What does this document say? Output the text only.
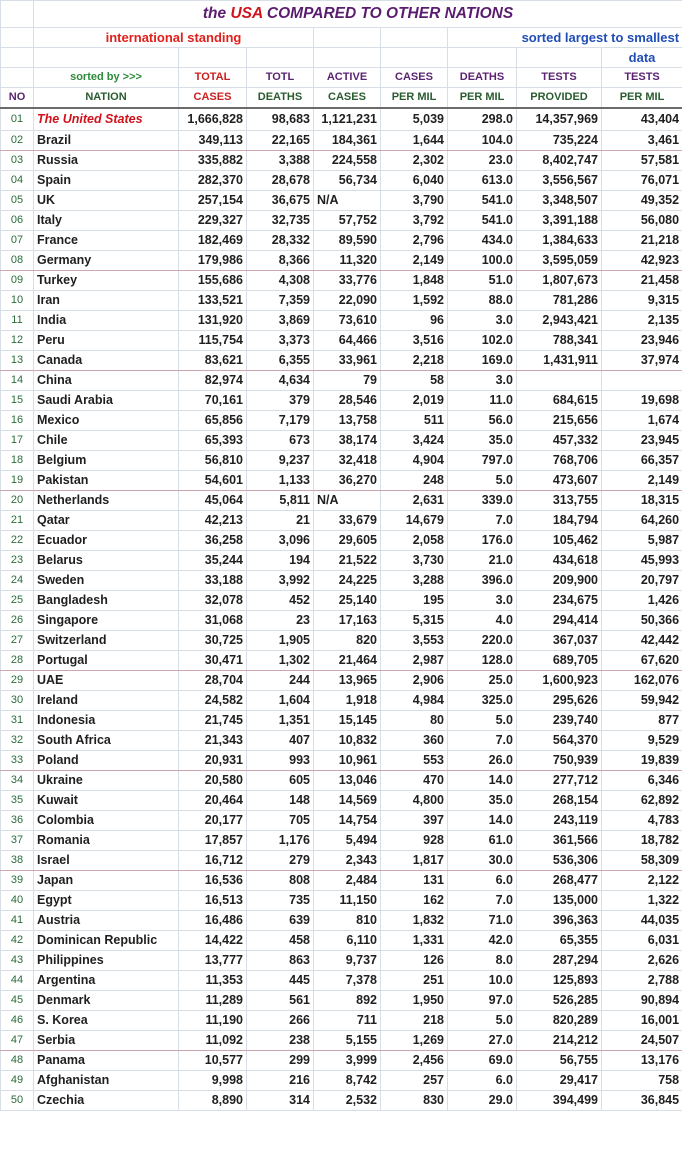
	the USA COMPARED TO OTHER NATIONS							
	international standing					sorted largest to smallest		
								data
	sorted by >>>	TOTAL	TOTL	ACTIVE	CASES	DEATHS	TESTS	TESTS
NO	NATION	CASES	DEATHS	CASES	PER MIL	PER MIL	PROVIDED	PER MIL
01	The United States	1,666,828	98,683	1,121,231	5,039	298.0	14,357,969	43,404
02	Brazil	349,113	22,165	184,361	1,644	104.0	735,224	3,461
03	Russia	335,882	3,388	224,558	2,302	23.0	8,402,747	57,581
04	Spain	282,370	28,678	56,734	6,040	613.0	3,556,567	76,071
05	UK	257,154	36,675	N/A	3,790	541.0	3,348,507	49,352
06	Italy	229,327	32,735	57,752	3,792	541.0	3,391,188	56,080
07	France	182,469	28,332	89,590	2,796	434.0	1,384,633	21,218
08	Germany	179,986	8,366	11,320	2,149	100.0	3,595,059	42,923
09	Turkey	155,686	4,308	33,776	1,848	51.0	1,807,673	21,458
10	Iran	133,521	7,359	22,090	1,592	88.0	781,286	9,315
11	India	131,920	3,869	73,610	96	3.0	2,943,421	2,135
12	Peru	115,754	3,373	64,466	3,516	102.0	788,341	23,946
13	Canada	83,621	6,355	33,961	2,218	169.0	1,431,911	37,974
14	China	82,974	4,634	79	58	3.0		
15	Saudi Arabia	70,161	379	28,546	2,019	11.0	684,615	19,698
16	Mexico	65,856	7,179	13,758	511	56.0	215,656	1,674
17	Chile	65,393	673	38,174	3,424	35.0	457,332	23,945
18	Belgium	56,810	9,237	32,418	4,904	797.0	768,706	66,357
19	Pakistan	54,601	1,133	36,270	248	5.0	473,607	2,149
20	Netherlands	45,064	5,811	N/A	2,631	339.0	313,755	18,315
21	Qatar	42,213	21	33,679	14,679	7.0	184,794	64,260
22	Ecuador	36,258	3,096	29,605	2,058	176.0	105,462	5,987
23	Belarus	35,244	194	21,522	3,730	21.0	434,618	45,993
24	Sweden	33,188	3,992	24,225	3,288	396.0	209,900	20,797
25	Bangladesh	32,078	452	25,140	195	3.0	234,675	1,426
26	Singapore	31,068	23	17,163	5,315	4.0	294,414	50,366
27	Switzerland	30,725	1,905	820	3,553	220.0	367,037	42,442
28	Portugal	30,471	1,302	21,464	2,987	128.0	689,705	67,620
29	UAE	28,704	244	13,965	2,906	25.0	1,600,923	162,076
30	Ireland	24,582	1,604	1,918	4,984	325.0	295,626	59,942
31	Indonesia	21,745	1,351	15,145	80	5.0	239,740	877
32	South Africa	21,343	407	10,832	360	7.0	564,370	9,529
33	Poland	20,931	993	10,961	553	26.0	750,939	19,839
34	Ukraine	20,580	605	13,046	470	14.0	277,712	6,346
35	Kuwait	20,464	148	14,569	4,800	35.0	268,154	62,892
36	Colombia	20,177	705	14,754	397	14.0	243,119	4,783
37	Romania	17,857	1,176	5,494	928	61.0	361,566	18,782
38	Israel	16,712	279	2,343	1,817	30.0	536,306	58,309
39	Japan	16,536	808	2,484	131	6.0	268,477	2,122
40	Egypt	16,513	735	11,150	162	7.0	135,000	1,322
41	Austria	16,486	639	810	1,832	71.0	396,363	44,035
42	Dominican Republic	14,422	458	6,110	1,331	42.0	65,355	6,031
43	Philippines	13,777	863	9,737	126	8.0	287,294	2,626
44	Argentina	11,353	445	7,378	251	10.0	125,893	2,788
45	Denmark	11,289	561	892	1,950	97.0	526,285	90,894
46	S. Korea	11,190	266	711	218	5.0	820,289	16,001
47	Serbia	11,092	238	5,155	1,269	27.0	214,212	24,507
48	Panama	10,577	299	3,999	2,456	69.0	56,755	13,176
49	Afghanistan	9,998	216	8,742	257	6.0	29,417	758
50	Czechia	8,890	314	2,532	830	29.0	394,499	36,845
